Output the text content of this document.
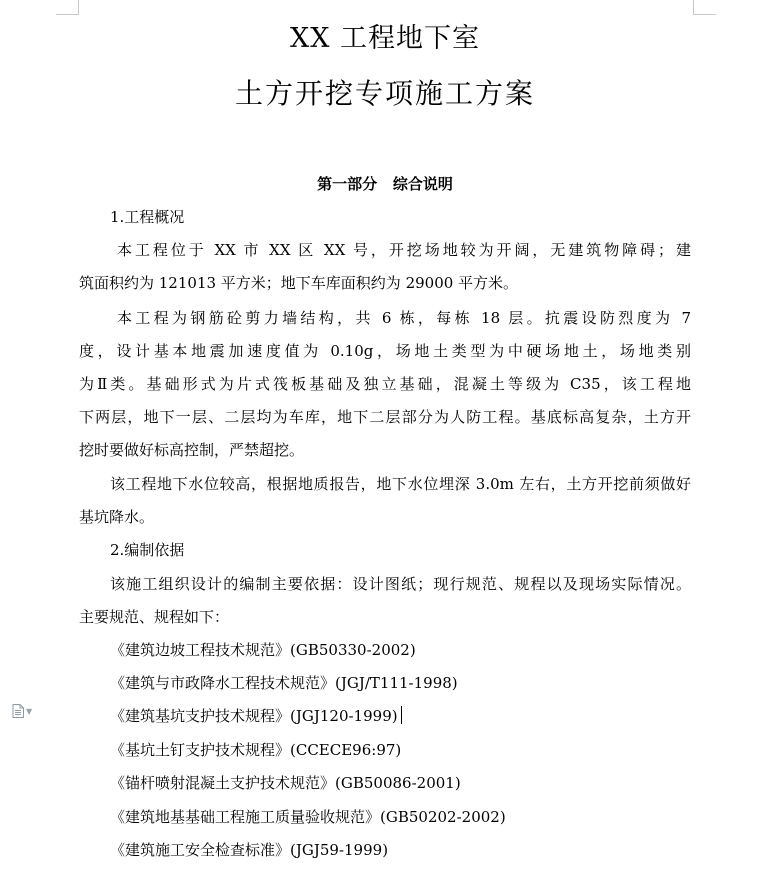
▼
XX 工程地下室
土方开挖专项施工方案
第一部分   综合说明
1.工程概况
本工程位于 XX 市 XX 区 XX 号，开挖场地较为开阔，无建筑物障碍；建
筑面积约为 121013 平方米；地下车库面积约为 29000 平方米。
本工程为钢筋砼剪力墙结构，共 6 栋，每栋 18 层。抗震设防烈度为 7
度，设计基本地震加速度值为 0.10g，场地土类型为中硬场地土，场地类别
为Ⅱ类。基础形式为片式筏板基础及独立基础，混凝土等级为 C35，该工程地
下两层，地下一层、二层均为车库，地下二层部分为人防工程。基底标高复杂，土方开
挖时要做好标高控制，严禁超挖。
该工程地下水位较高，根据地质报告，地下水位埋深 3.0m 左右，土方开挖前须做好
基坑降水。
2.编制依据
该施工组织设计的编制主要依据：设计图纸；现行规范、规程以及现场实际情况。
主要规范、规程如下：
《建筑边坡工程技术规范》(GB50330-2002)
《建筑与市政降水工程技术规范》(JGJ/T111-1998)
《建筑基坑支护技术规程》(JGJ120-1999)
《基坑土钉支护技术规程》(CCECE96:97)
《锚杆喷射混凝土支护技术规范》(GB50086-2001)
《建筑地基基础工程施工质量验收规范》(GB50202-2002)
《建筑施工安全检查标准》(JGJ59-1999)
